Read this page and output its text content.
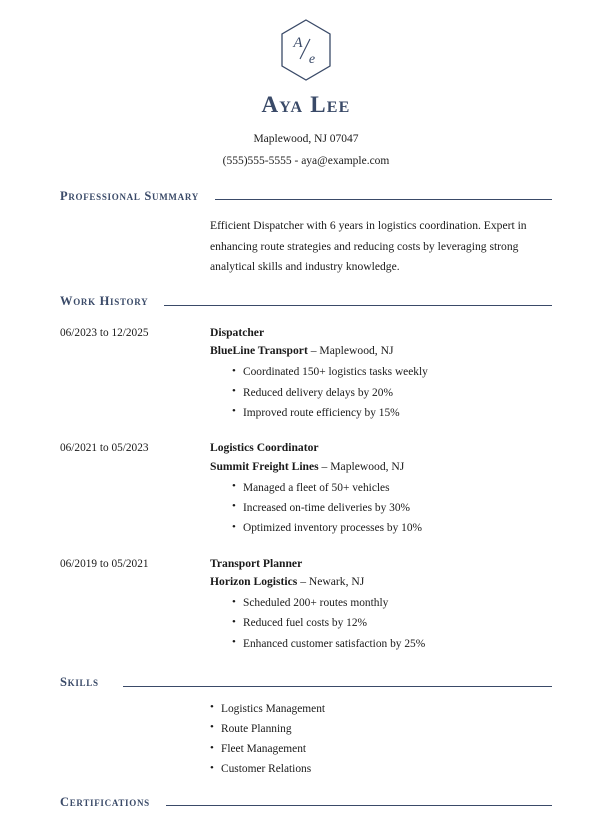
A
e
Aya Lee
Maplewood, NJ 07047
(555)555-5555 - aya@example.com
Professional Summary
Efficient Dispatcher with 6 years in logistics coordination. Expert in enhancing route strategies and reducing costs by leveraging strong analytical skills and industry knowledge.
Work History
06/2023 to 12/2025	Dispatcher
BlueLine Transport – Maplewood, NJ
• Coordinated 150+ logistics tasks weekly
• Reduced delivery delays by 20%
• Improved route efficiency by 15%
06/2021 to 05/2023	Logistics Coordinator
Summit Freight Lines – Maplewood, NJ
• Managed a fleet of 50+ vehicles
• Increased on-time deliveries by 30%
• Optimized inventory processes by 10%
06/2019 to 05/2021	Transport Planner
Horizon Logistics – Newark, NJ
• Scheduled 200+ routes monthly
• Reduced fuel costs by 12%
• Enhanced customer satisfaction by 25%
Skills
• Logistics Management
• Route Planning
• Fleet Management
• Customer Relations
Certifications
